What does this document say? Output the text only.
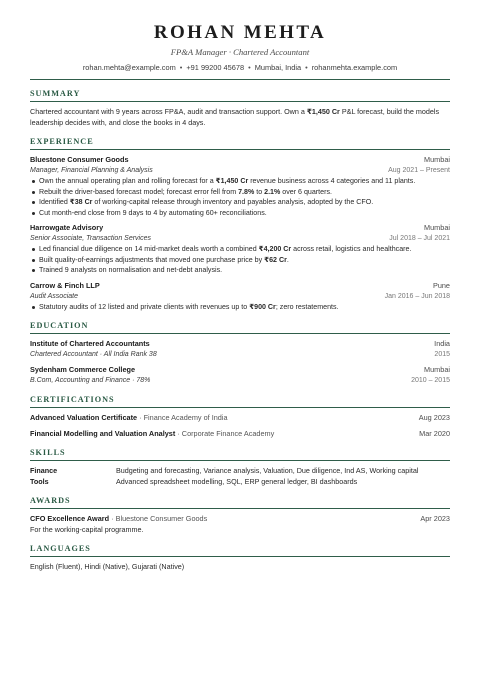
ROHAN MEHTA
FP&A Manager · Chartered Accountant
rohan.mehta@example.com • +91 99200 45678 • Mumbai, India • rohanmehta.example.com
SUMMARY
Chartered accountant with 9 years across FP&A, audit and transaction support. Own a ₹1,450 Cr P&L forecast, build the models leadership decides with, and close the books in 4 days.
EXPERIENCE
Bluestone Consumer Goods	Mumbai
Manager, Financial Planning & Analysis	Aug 2021 – Present
Own the annual operating plan and rolling forecast for a ₹1,450 Cr revenue business across 4 categories and 11 plants.
Rebuilt the driver-based forecast model; forecast error fell from 7.8% to 2.1% over 6 quarters.
Identified ₹38 Cr of working-capital release through inventory and payables analysis, adopted by the CFO.
Cut month-end close from 9 days to 4 by automating 60+ reconciliations.
Harrowgate Advisory	Mumbai
Senior Associate, Transaction Services	Jul 2018 – Jul 2021
Led financial due diligence on 14 mid-market deals worth a combined ₹4,200 Cr across retail, logistics and healthcare.
Built quality-of-earnings adjustments that moved one purchase price by ₹62 Cr.
Trained 9 analysts on normalisation and net-debt analysis.
Carrow & Finch LLP	Pune
Audit Associate	Jan 2016 – Jun 2018
Statutory audits of 12 listed and private clients with revenues up to ₹900 Cr; zero restatements.
EDUCATION
Institute of Chartered Accountants	India
Chartered Accountant · All India Rank 38	2015
Sydenham Commerce College	Mumbai
B.Com, Accounting and Finance · 78%	2010 – 2015
CERTIFICATIONS
Advanced Valuation Certificate · Finance Academy of India	Aug 2023
Financial Modelling and Valuation Analyst · Corporate Finance Academy	Mar 2020
SKILLS
Finance	Budgeting and forecasting, Variance analysis, Valuation, Due diligence, Ind AS, Working capital
Tools	Advanced spreadsheet modelling, SQL, ERP general ledger, BI dashboards
AWARDS
CFO Excellence Award · Bluestone Consumer Goods	Apr 2023
For the working-capital programme.
LANGUAGES
English (Fluent), Hindi (Native), Gujarati (Native)
